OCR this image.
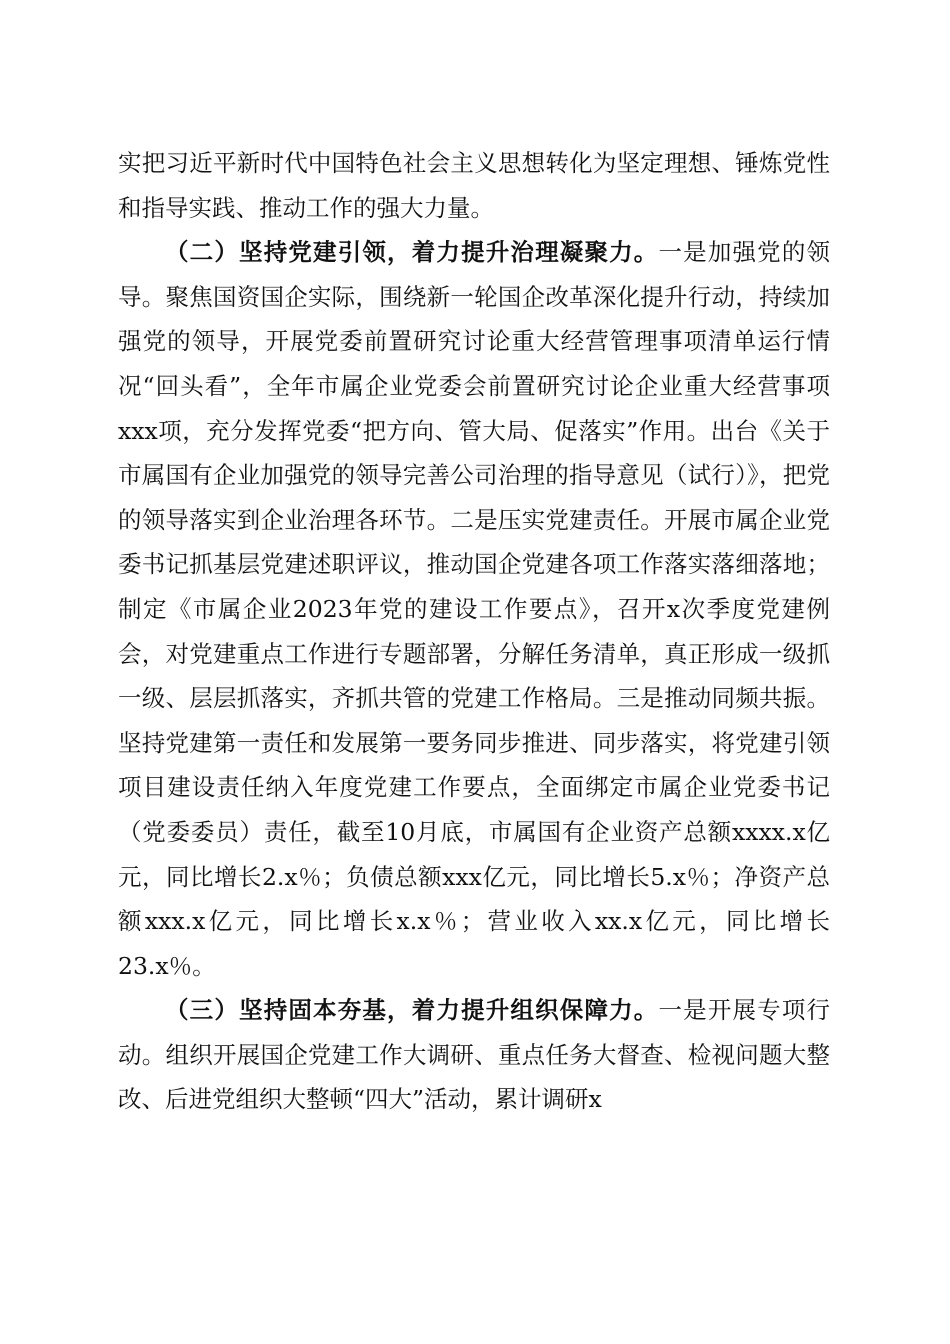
实把习近平新时代中国特色社会主义思想转化为坚定理想、锤炼党性和指导实践、推动工作的强大力量。

（二）坚持党建引领，着力提升治理凝聚力。一是加强党的领导。聚焦国资国企实际，围绕新一轮国企改革深化提升行动，持续加强党的领导，开展党委前置研究讨论重大经营管理事项清单运行情况“回头看”，全年市属企业党委会前置研究讨论企业重大经营事项xxx项，充分发挥党委“把方向、管大局、促落实”作用。出台《关于市属国有企业加强党的领导完善公司治理的指导意见（试行）》，把党的领导落实到企业治理各环节。二是压实党建责任。开展市属企业党委书记抓基层党建述职评议，推动国企党建各项工作落实落细落地；制定《市属企业2023年党的建设工作要点》，召开x次季度党建例会，对党建重点工作进行专题部署，分解任务清单，真正形成一级抓一级、层层抓落实，齐抓共管的党建工作格局。三是推动同频共振。坚持党建第一责任和发展第一要务同步推进、同步落实，将党建引领项目建设责任纳入年度党建工作要点，全面绑定市属企业党委书记（党委委员）责任，截至10月底，市属国有企业资产总额xxxx.x亿元，同比增长2.x％；负债总额xxx亿元，同比增长5.x％；净资产总额xxx.x亿元，同比增长x.x％；营业收入xx.x亿元，同比增长23.x％。

（三）坚持固本夯基，着力提升组织保障力。一是开展专项行动。组织开展国企党建工作大调研、重点任务大督查、检视问题大整改、后进党组织大整顿“四大”活动，累计调研x
